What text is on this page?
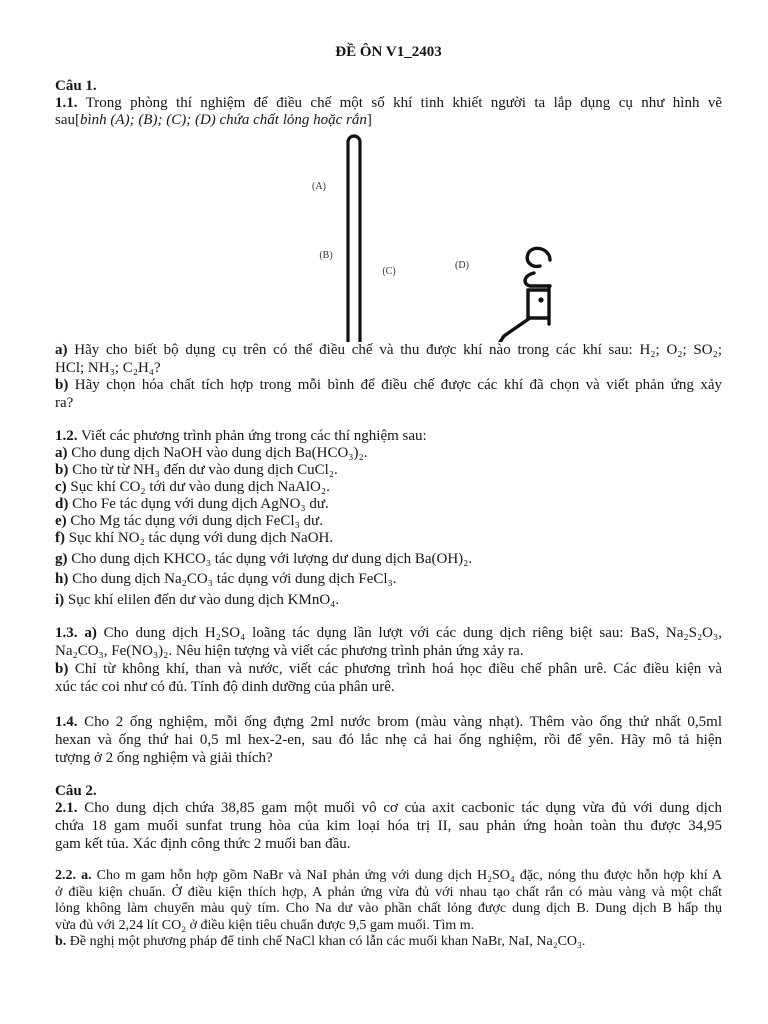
ĐỀ ÔN V1_2403
Câu 1.
1.1. Trong phòng thí nghiệm để điều chế một số khí tinh khiết người ta lắp dụng cụ như hình vẽ
sau[bình (A); (B); (C); (D) chứa chất lỏng hoặc rắn]
(A)
(B)
(C)
(D)
a) Hãy cho biết bộ dụng cụ trên có thể điều chế và thu được khí nào trong các khí sau: H₂; O₂; SO₂;
HCl; NH₃; C₂H₄?
b) Hãy chọn hóa chất tích hợp trong mỗi bình để điều chế được các khí đã chọn và viết phản ứng xảy
ra?
1.2. Viết các phương trình phản ứng trong các thí nghiệm sau:
a) Cho dung dịch NaOH vào dung dịch Ba(HCO₃)₂.
b) Cho từ từ NH₃ đến dư vào dung dịch CuCl₂.
c) Sục khí CO₂ tới dư vào dung dịch NaAlO₂.
d) Cho Fe tác dụng với dung dịch AgNO₃ dư.
e) Cho Mg tác dụng với dung dịch FeCl₃ dư.
f) Sục khí NO₂ tác dụng với dung dịch NaOH.
g) Cho dung dịch KHCO₃ tác dụng với lượng dư dung dịch Ba(OH)₂.
h) Cho dung dịch Na₂CO₃ tác dụng với dung dịch FeCl₃.
i) Sục khí elilen đến dư vào dung dịch KMnO₄.
1.3. a) Cho dung dịch H₂SO₄ loãng tác dụng lần lượt với các dung dịch riêng biệt sau: BaS, Na₂S₂O₃,
Na₂CO₃, Fe(NO₃)₂. Nêu hiện tượng và viết các phương trình phản ứng xảy ra.
b) Chỉ từ không khí, than và nước, viết các phương trình hoá học điều chế phân urê. Các điều kiện và
xúc tác coi như có đủ. Tính độ dinh dưỡng của phân urê.
1.4. Cho 2 ống nghiệm, mỗi ống đựng 2ml nước brom (màu vàng nhạt). Thêm vào ống thứ nhất 0,5ml
hexan và ống thứ hai 0,5 ml hex-2-en, sau đó lắc nhẹ cả hai ống nghiệm, rồi để yên. Hãy mô tả hiện
tượng ở 2 ống nghiệm và giải thích?
Câu 2.
2.1. Cho dung dịch chứa 38,85 gam một muối vô cơ của axit cacbonic tác dụng vừa đủ với dung dịch
chứa 18 gam muối sunfat trung hòa của kim loại hóa trị II, sau phản ứng hoàn toàn thu được 34,95
gam kết tủa. Xác định công thức 2 muối ban đầu.
2.2. a. Cho m gam hỗn hợp gồm NaBr và NaI phản ứng với dung dịch H₂SO₄ đặc, nóng thu được hỗn hợp khí A
ở điều kiện chuẩn. Ở điều kiện thích hợp, A phản ứng vừa đủ với nhau tạo chất rắn có màu vàng và một chất
lỏng không làm chuyển màu quỳ tím. Cho Na dư vào phần chất lỏng được dung dịch B. Dung dịch B hấp thụ
vừa đủ với 2,24 lít CO₂ ở điều kiện tiêu chuẩn được 9,5 gam muối. Tìm m.
b. Đề nghị một phương pháp để tinh chế NaCl khan có lẫn các muối khan NaBr, NaI, Na₂CO₃.
